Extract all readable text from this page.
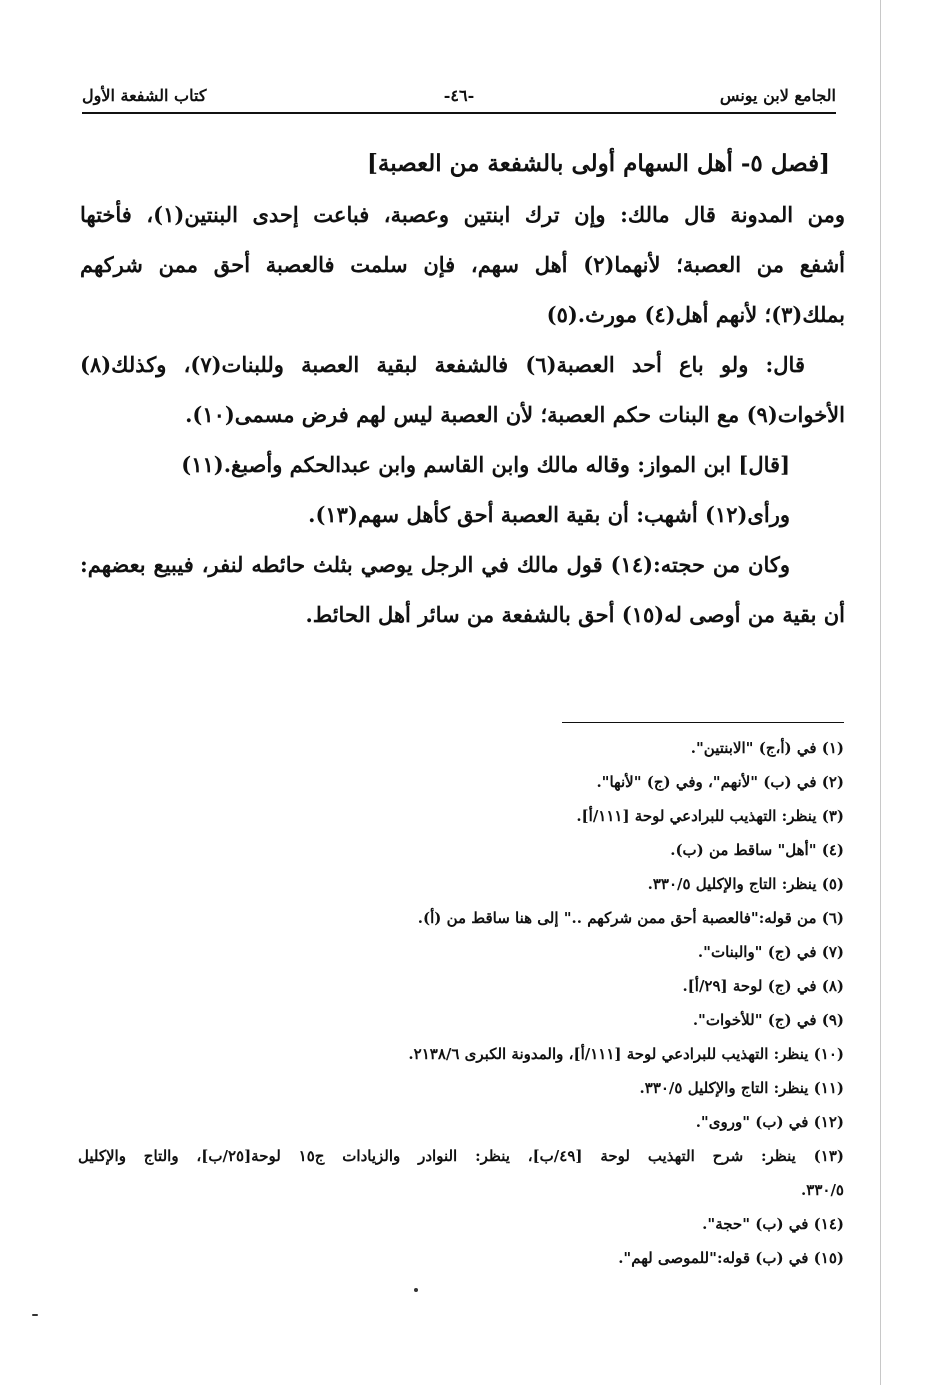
الجامع لابن يونس
-٤٦-
كتاب الشفعة الأول
[فصل ٥- أهل السهام أولى بالشفعة من العصبة]
ومن المدونة قال مالك: وإن ترك ابنتين وعصبة، فباعت إحدى البنتين(١)، فأختها
أشفع من العصبة؛ لأنهما(٢) أهل سهم، فإن سلمت فالعصبة أحق ممن شركهم
بملك(٣)؛ لأنهم أهل(٤) مورث.(٥)
قال: ولو باع أحد العصبة(٦) فالشفعة لبقية العصبة وللبنات(٧)، وكذلك(٨)
الأخوات(٩) مع البنات حكم العصبة؛ لأن العصبة ليس لهم فرض مسمى(١٠).
[قال] ابن المواز: وقاله مالك وابن القاسم وابن عبدالحكم وأصبغ.(١١)
ورأى(١٢) أشهب: أن بقية العصبة أحق كأهل سهم(١٣).
وكان من حجته:(١٤) قول مالك في الرجل يوصي بثلث حائطه لنفر، فيبيع بعضهم:
أن بقية من أوصى له(١٥) أحق بالشفعة من سائر أهل الحائط.
(١) في (أ،ج) "الابنتين".
(٢) في (ب) "لأنهم"، وفي (ج) "لأنها".
(٣) ينظر: التهذيب للبرادعي لوحة [١١١/أ].
(٤) "أهل" ساقط من (ب).
(٥) ينظر: التاج والإكليل ٣٣٠/٥.
(٦) من قوله:"فالعصبة أحق ممن شركهم .." إلى هنا ساقط من (أ).
(٧) في (ج) "والبنات".
(٨) في (ج) لوحة [٢٩/أ].
(٩) في (ج) "للأخوات".
(١٠) ينظر: التهذيب للبرادعي لوحة [١١١/أ]، والمدونة الكبرى ٢١٣٨/٦.
(١١) ينظر: التاج والإكليل ٣٣٠/٥.
(١٢) في (ب) "وروى".
(١٣) ينظر: شرح التهذيب لوحة [٤٩/ب]، ينظر: النوادر والزيادات ج١٥ لوحة[٢٥/ب]، والتاج والإكليل
٣٣٠/٥.
(١٤) في (ب) "حجة".
(١٥) في (ب) قوله:"للموصى لهم".
